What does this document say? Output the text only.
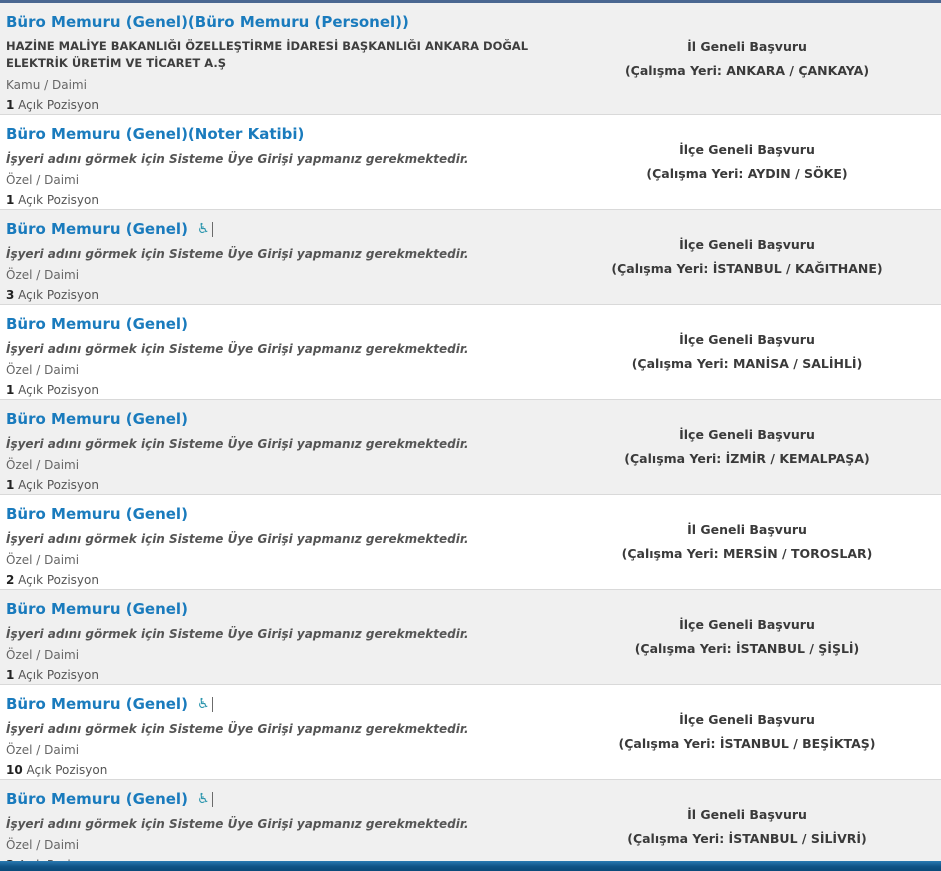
Büro Memuru (Genel)(Büro Memuru (Personel))
HAZİNE MALİYE BAKANLIĞI ÖZELLEŞTİRME İDARESİ BAŞKANLIĞI ANKARA DOĞAL ELEKTRİK ÜRETİM VE TİCARET A.Ş
Kamu / Daimi
1 Açık Pozisyon
İl Geneli Başvuru
(Çalışma Yeri: ANKARA / ÇANKAYA)
Büro Memuru (Genel)(Noter Katibi)
İşyeri adını görmek için Sisteme Üye Girişi yapmanız gerekmektedir.
Özel / Daimi
1 Açık Pozisyon
İlçe Geneli Başvuru
(Çalışma Yeri: AYDIN / SÖKE)
Büro Memuru (Genel) ♿
İşyeri adını görmek için Sisteme Üye Girişi yapmanız gerekmektedir.
Özel / Daimi
3 Açık Pozisyon
İlçe Geneli Başvuru
(Çalışma Yeri: İSTANBUL / KAĞITHANE)
Büro Memuru (Genel)
İşyeri adını görmek için Sisteme Üye Girişi yapmanız gerekmektedir.
Özel / Daimi
1 Açık Pozisyon
İlçe Geneli Başvuru
(Çalışma Yeri: MANİSA / SALİHLİ)
Büro Memuru (Genel)
İşyeri adını görmek için Sisteme Üye Girişi yapmanız gerekmektedir.
Özel / Daimi
1 Açık Pozisyon
İlçe Geneli Başvuru
(Çalışma Yeri: İZMİR / KEMALPAŞA)
Büro Memuru (Genel)
İşyeri adını görmek için Sisteme Üye Girişi yapmanız gerekmektedir.
Özel / Daimi
2 Açık Pozisyon
İl Geneli Başvuru
(Çalışma Yeri: MERSİN / TOROSLAR)
Büro Memuru (Genel)
İşyeri adını görmek için Sisteme Üye Girişi yapmanız gerekmektedir.
Özel / Daimi
1 Açık Pozisyon
İlçe Geneli Başvuru
(Çalışma Yeri: İSTANBUL / ŞİŞLİ)
Büro Memuru (Genel) ♿
İşyeri adını görmek için Sisteme Üye Girişi yapmanız gerekmektedir.
Özel / Daimi
10 Açık Pozisyon
İlçe Geneli Başvuru
(Çalışma Yeri: İSTANBUL / BEŞİKTAŞ)
Büro Memuru (Genel) ♿
İşyeri adını görmek için Sisteme Üye Girişi yapmanız gerekmektedir.
Özel / Daimi
İl Geneli Başvuru
(Çalışma Yeri: İSTANBUL / SİLİVRİ)
